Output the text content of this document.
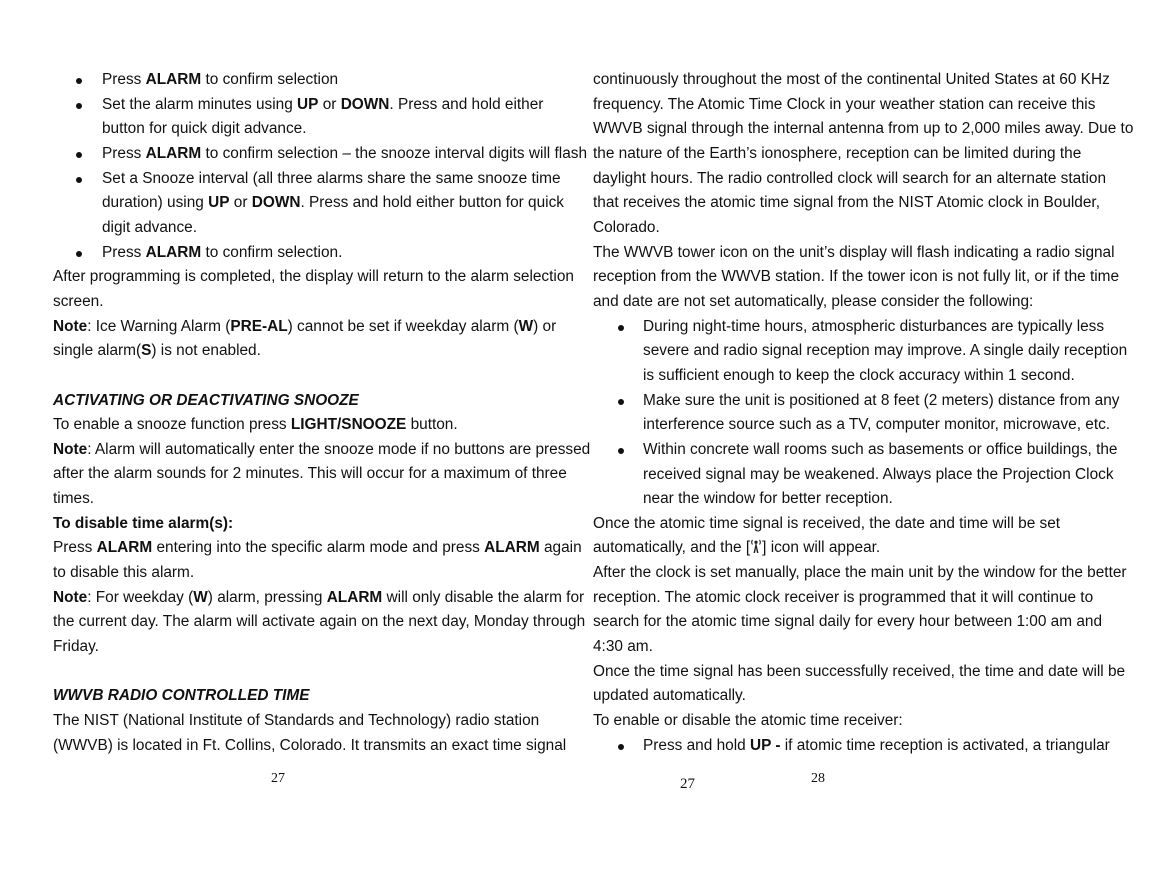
Press ALARM to confirm selection
Set the alarm minutes using UP or DOWN. Press and hold either
button for quick digit advance.
Press ALARM to confirm selection – the snooze interval digits will flash
Set a Snooze interval (all three alarms share the same snooze time
duration) using UP or DOWN. Press and hold either button for quick
digit advance.
Press ALARM to confirm selection.
After programming is completed, the display will return to the alarm selection
screen.
Note: Ice Warning Alarm (PRE-AL) cannot be set if weekday alarm (W) or
single alarm(S) is not enabled.
ACTIVATING OR DEACTIVATING SNOOZE
To enable a snooze function press LIGHT/SNOOZE button.
Note: Alarm will automatically enter the snooze mode if no buttons are pressed
after the alarm sounds for 2 minutes. This will occur for a maximum of three
times.
To disable time alarm(s):
Press ALARM entering into the specific alarm mode and press ALARM again
to disable this alarm.
Note: For weekday (W) alarm, pressing ALARM will only disable the alarm for
the current day. The alarm will activate again on the next day, Monday through
Friday.
WWVB RADIO CONTROLLED TIME
The NIST (National Institute of Standards and Technology) radio station
(WWVB) is located in Ft. Collins, Colorado. It transmits an exact time signal
continuously throughout the most of the continental United States at 60 KHz
frequency. The Atomic Time Clock in your weather station can receive this
WWVB signal through the internal antenna from up to 2,000 miles away. Due to
the nature of the Earth’s ionosphere, reception can be limited during the
daylight hours. The radio controlled clock will search for an alternate station
that receives the atomic time signal from the NIST Atomic clock in Boulder,
Colorado.
The WWVB tower icon on the unit’s display will flash indicating a radio signal
reception from the WWVB station. If the tower icon is not fully lit, or if the time
and date are not set automatically, please consider the following:
During night-time hours, atmospheric disturbances are typically less
severe and radio signal reception may improve. A single daily reception
is sufficient enough to keep the clock accuracy within 1 second.
Make sure the unit is positioned at 8 feet (2 meters) distance from any
interference source such as a TV, computer monitor, microwave, etc.
Within concrete wall rooms such as basements or office buildings, the
received signal may be weakened. Always place the Projection Clock
near the window for better reception.
Once the atomic time signal is received, the date and time will be set
automatically, and the [ ] icon will appear.
After the clock is set manually, place the main unit by the window for the better
reception. The atomic clock receiver is programmed that it will continue to
search for the atomic time signal daily for every hour between 1:00 am and
4:30 am.
Once the time signal has been successfully received, the time and date will be
updated automatically.
To enable or disable the atomic time receiver:
Press and hold UP - if atomic time reception is activated, a triangular
27	27	28
